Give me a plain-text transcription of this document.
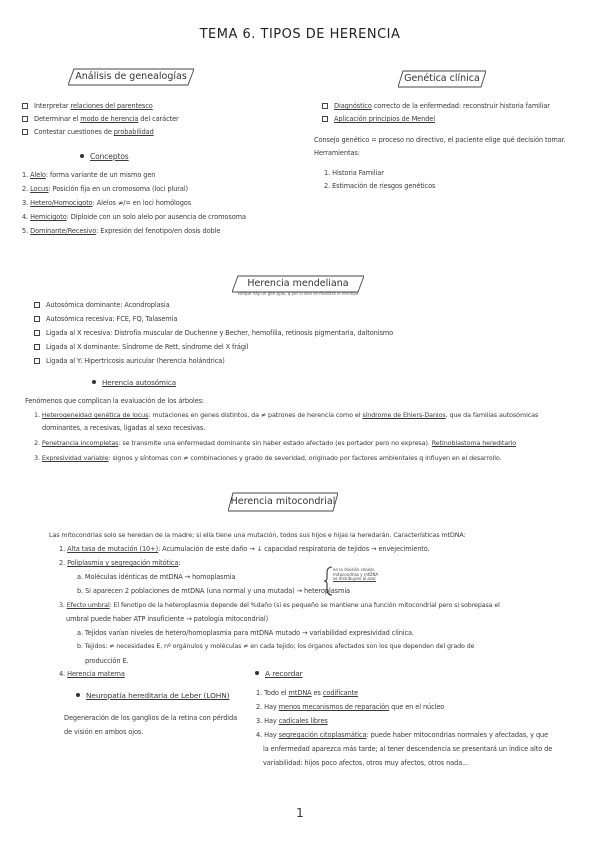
TEMA 6. TIPOS DE HERENCIA
Análisis de genealogías	Genética clínica
Interpretar relaciones del parentesco
Determinar el modo de herencia del carácter
Contestar cuestiones de probabilidad
Conceptos
1. Alelo: forma variante de un mismo gen
2. Locus: Posición fija en un cromosoma (loci plural)
3. Hetero/Homocigoto: Alelos ≠/= en loci homólogos
4. Hemicigoto: Diploide con un solo alelo por ausencia de cromosoma
5. Dominante/Recesivo: Expresión del fenotipo/en dosis doble
Diagnóstico correcto de la enfermedad: reconstruir historia familiar
Aplicación principios de Mendel
Consejo genético = proceso no directivo, el paciente elige qué decisión tomar.
Herramientas:
1. Historia Familiar
2. Estimación de riesgos genéticos
Herencia mendeliana
Porque hay un gen ppal, q por sí solo se muestra el fenotipo
Autosómica dominante: Acondroplasia
Autosómica recesiva: FCE, FQ, Talasemia
Ligada al X recesiva: Distrofia muscular de Duchenne y Becher, hemofilia, retinosis pigmentaria, daltonismo
Ligada al X dominante: Síndrome de Rett, síndrome del X frágil
Ligada al Y: Hipertricosis auricular (herencia holándrica)
Herencia autosómica
Fenómenos que complican la evaluación de los árboles:
1. Heterogeneidad genética de locus: mutaciones en genes distintos, da ≠ patrones de herencia como el síndrome de Ehlers-Danlos, que da familias autosómicas
dominantes, a recesivas, ligadas al sexo recesivas.
2. Penetrancia incompletas: se transmite una enfermedad dominante sin haber estado afectado (es portador pero no expresa). Retinoblastoma hereditario
3. Expresividad variable: signos y síntomas con ≠ combinaciones y grado de severidad, originado por factores ambientales q influyen en el desarrollo.
Herencia mitocondrial
Las mitocondrias solo se heredan de la madre; si ella tiene una mutación, todos sus hijos e hijas la heredarán. Características mtDNA:
1. Alta tasa de mutación (10+): Acumulación de este daño → ↓ capacidad respiratoria de tejidos → envejecimiento.
2. Poliplasmia y segregación mitótica:
a. Moléculas idénticas de mtDNA → homoplasmia
b. Si aparecen 2 poblaciones de mtDNA (una normal y una mutada) → heteroplasmia
en la división celular,
mitocondrias y mtDNA
se distribuyen al azar
3. Efecto umbral: El fenotipo de la heteroplasmia depende del %daño (si es pequeño se mantiene una función mitocondrial pero si sobrepasa el
umbral puede haber ATP insuficiente → patología mitocondrial)
a. Tejidos varían niveles de hetero/homoplasmia para mtDNA mutado → variabilidad expresividad clínica.
b. Tejidos: ≠ necesidades E, nº orgánulos y moléculas ≠ en cada tejido; los órganos afectados son los que dependen del grado de
producción E.
4. Herencia materna
Neuropatía hereditaria de Leber (LOHN)
Degeneración de los ganglios de la retina con pérdida
de visión en ambos ojos.
A recordar
1. Todo el mtDNA es codificante
2. Hay menos mecanismos de reparación que en el núcleo
3. Hay cadícales libres
4. Hay segregación citoplasmática: puede haber mitocondrias normales y afectadas, y que
la enfermedad aparezca más tarde; al tener descendencia se presentará un índice alto de
variabilidad: hijos poco afectos, otros muy afectos, otros nada...
1
